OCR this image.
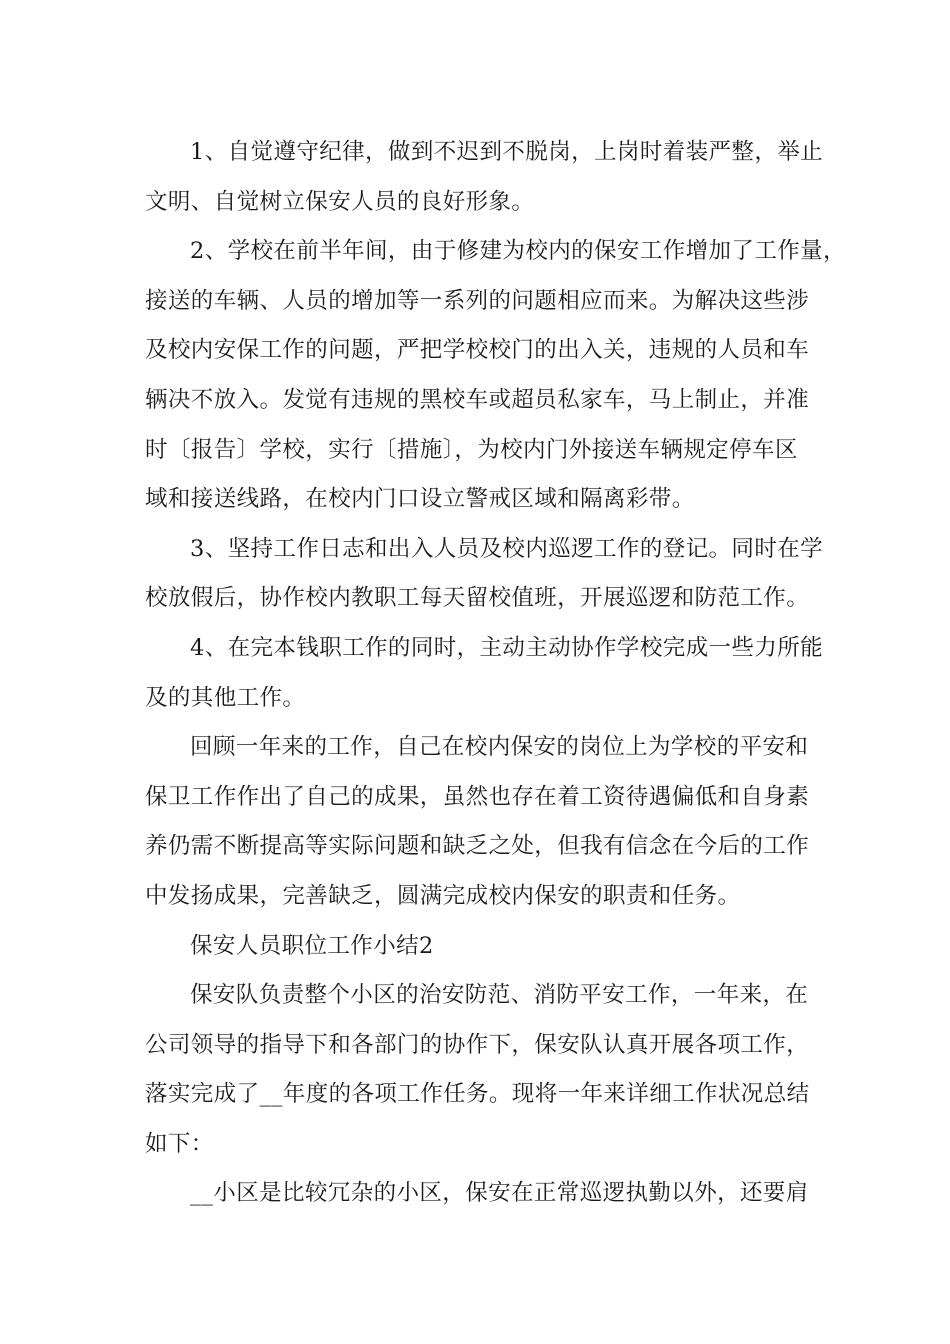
1、自觉遵守纪律，做到不迟到不脱岗，上岗时着装严整，举止
文明、自觉树立保安人员的良好形象。
2、学校在前半年间，由于修建为校内的保安工作增加了工作量，
接送的车辆、人员的增加等一系列的问题相应而来。为解决这些涉
及校内安保工作的问题，严把学校校门的出入关，违规的人员和车
辆决不放入。发觉有违规的黑校车或超员私家车，马上制止，并准
时〔报告〕学校，实行〔措施〕，为校内门外接送车辆规定停车区
域和接送线路，在校内门口设立警戒区域和隔离彩带。
3、坚持工作日志和出入人员及校内巡逻工作的登记。同时在学
校放假后，协作校内教职工每天留校值班，开展巡逻和防范工作。
4、在完本钱职工作的同时，主动主动协作学校完成一些力所能
及的其他工作。
回顾一年来的工作，自己在校内保安的岗位上为学校的平安和
保卫工作作出了自己的成果，虽然也存在着工资待遇偏低和自身素
养仍需不断提高等实际问题和缺乏之处，但我有信念在今后的工作
中发扬成果，完善缺乏，圆满完成校内保安的职责和任务。
保安人员职位工作小结2
保安队负责整个小区的治安防范、消防平安工作，一年来，在
公司领导的指导下和各部门的协作下，保安队认真开展各项工作，
落实完成了__年度的各项工作任务。现将一年来详细工作状况总结
如下：
__小区是比较冗杂的小区，保安在正常巡逻执勤以外，还要肩
